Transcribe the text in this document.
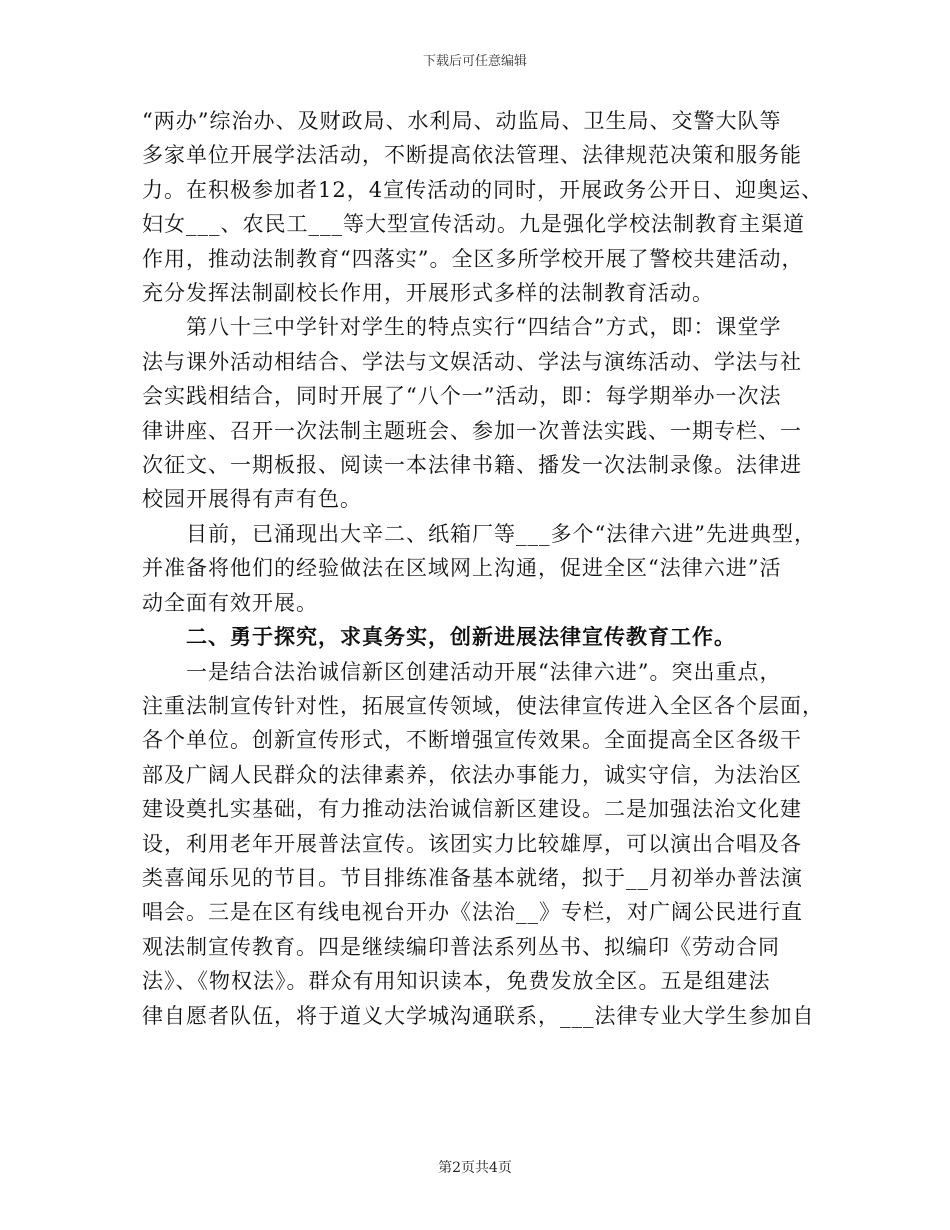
下载后可任意编辑
“两办”综治办、及财政局、水利局、动监局、卫生局、交警大队等
多家单位开展学法活动，不断提高依法管理、法律规范决策和服务能
力。在积极参加者12，4宣传活动的同时，开展政务公开日、迎奥运、
妇女___、农民工___等大型宣传活动。九是强化学校法制教育主渠道
作用，推动法制教育“四落实”。全区多所学校开展了警校共建活动，
充分发挥法制副校长作用，开展形式多样的法制教育活动。
　　第八十三中学针对学生的特点实行“四结合”方式，即：课堂学
法与课外活动相结合、学法与文娱活动、学法与演练活动、学法与社
会实践相结合，同时开展了“八个一”活动，即：每学期举办一次法
律讲座、召开一次法制主题班会、参加一次普法实践、一期专栏、一
次征文、一期板报、阅读一本法律书籍、播发一次法制录像。法律进
校园开展得有声有色。
　　目前，已涌现出大辛二、纸箱厂等___多个“法律六进”先进典型，
并准备将他们的经验做法在区域网上沟通，促进全区“法律六进”活
动全面有效开展。
　　二、勇于探究，求真务实，创新进展法律宣传教育工作。
　　一是结合法治诚信新区创建活动开展“法律六进”。突出重点，
注重法制宣传针对性，拓展宣传领域，使法律宣传进入全区各个层面，
各个单位。创新宣传形式，不断增强宣传效果。全面提高全区各级干
部及广阔人民群众的法律素养，依法办事能力，诚实守信，为法治区
建设奠扎实基础，有力推动法治诚信新区建设。二是加强法治文化建
设，利用老年开展普法宣传。该团实力比较雄厚，可以演出合唱及各
类喜闻乐见的节目。节目排练准备基本就绪，拟于__月初举办普法演
唱会。三是在区有线电视台开办《法治__》专栏，对广阔公民进行直
观法制宣传教育。四是继续编印普法系列丛书、拟编印《劳动合同
法》、《物权法》。群众有用知识读本，免费发放全区。五是组建法
律自愿者队伍，将于道义大学城沟通联系，___法律专业大学生参加自
第2页共4页
